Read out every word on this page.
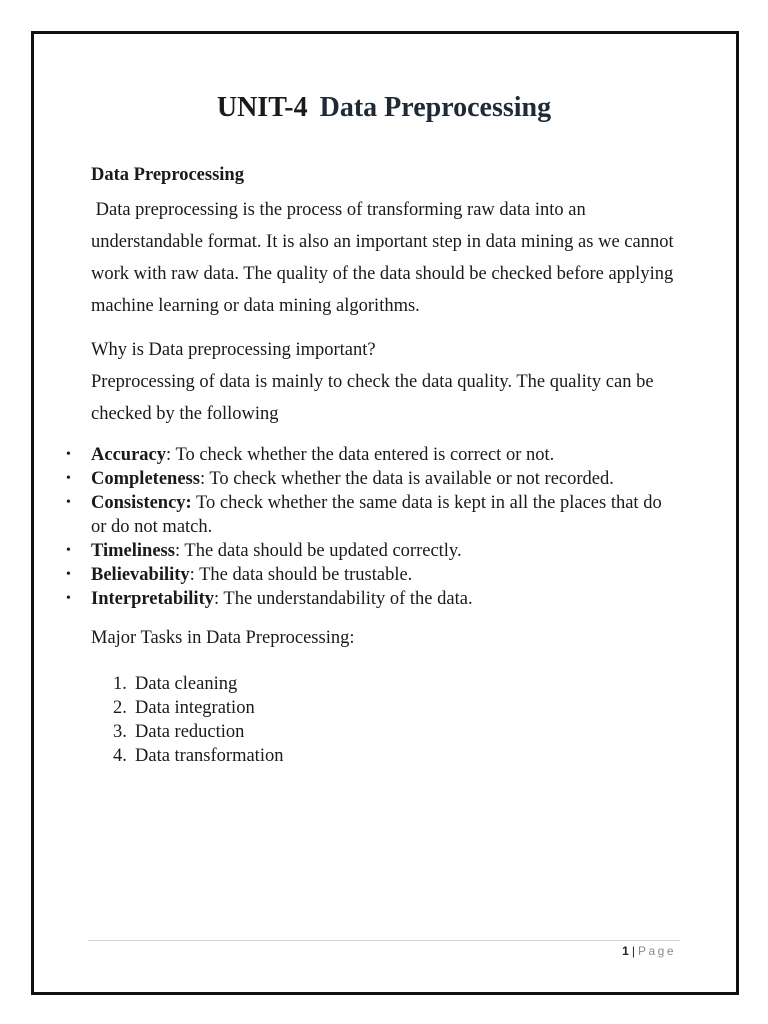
UNIT-4 Data Preprocessing
Data Preprocessing
Data preprocessing is the process of transforming raw data into an understandable format. It is also an important step in data mining as we cannot work with raw data. The quality of the data should be checked before applying machine learning or data mining algorithms.
Why is Data preprocessing important?
Preprocessing of data is mainly to check the data quality. The quality can be checked by the following
• Accuracy: To check whether the data entered is correct or not.
• Completeness: To check whether the data is available or not recorded.
• Consistency: To check whether the same data is kept in all the places that do or do not match.
• Timeliness: The data should be updated correctly.
• Believability: The data should be trustable.
• Interpretability: The understandability of the data.
Major Tasks in Data Preprocessing:
1. Data cleaning
2. Data integration
3. Data reduction
4. Data transformation
1 | Page
